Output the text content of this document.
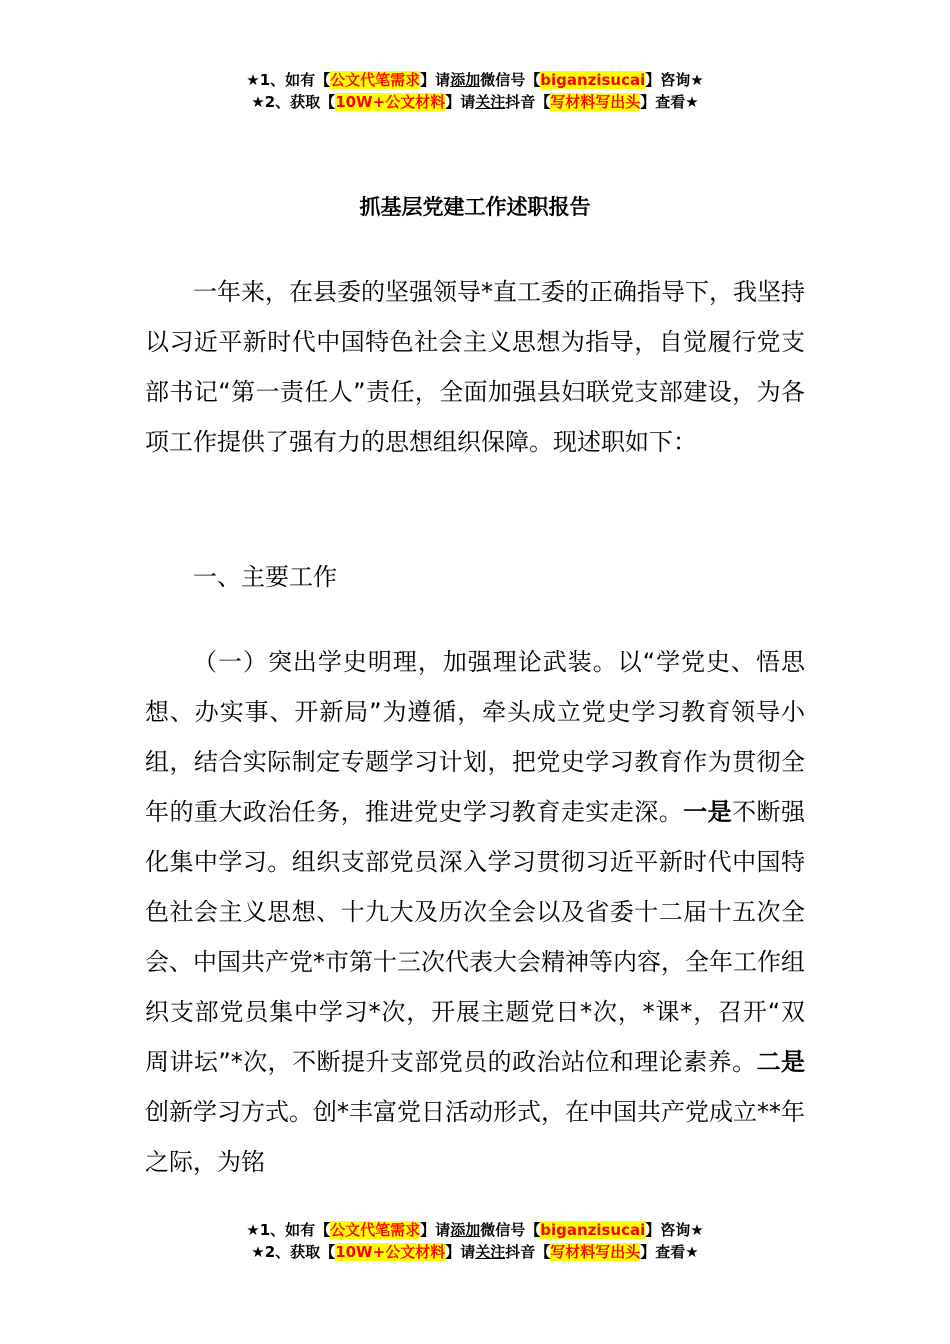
★1、如有【公文代笔需求】请添加微信号【biganzisucai】咨询★
★2、获取【10W+公文材料】请关注抖音【写材料写出头】查看★
抓基层党建工作述职报告

一年来，在县委的坚强领导*直工委的正确指导下，我坚持以习近平新时代中国特色社会主义思想为指导，自觉履行党支部书记“第一责任人”责任，全面加强县妇联党支部建设，为各项工作提供了强有力的思想组织保障。现述职如下：

一、主要工作

（一）突出学史明理，加强理论武装。以“学党史、悟思想、办实事、开新局”为遵循，牵头成立党史学习教育领导小组，结合实际制定专题学习计划，把党史学习教育作为贯彻全年的重大政治任务，推进党史学习教育走实走深。一是不断强化集中学习。组织支部党员深入学习贯彻习近平新时代中国特色社会主义思想、十九大及历次全会以及省委十二届十五次全会、中国共产党*市第十三次代表大会精神等内容，全年工作组织支部党员集中学习*次，开展主题党日*次，*课*，召开“双周讲坛”*次，不断提升支部党员的政治站位和理论素养。二是创新学习方式。创*丰富党日活动形式，在中国共产党成立**年之际，为铭

★1、如有【公文代笔需求】请添加微信号【biganzisucai】咨询★
★2、获取【10W+公文材料】请关注抖音【写材料写出头】查看★
